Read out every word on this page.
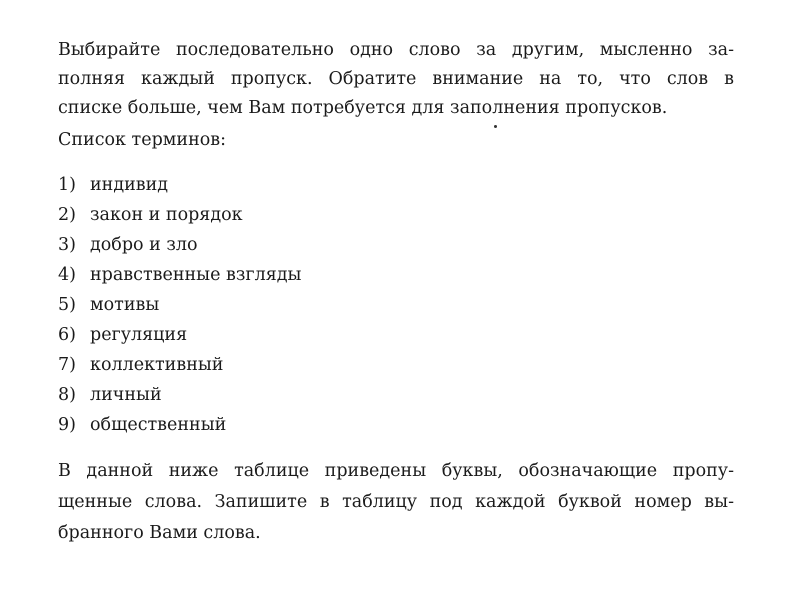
Выбирайте последовательно одно слово за другим, мысленно за-
полняя каждый пропуск. Обратите внимание на то, что слов в
списке больше, чем Вам потребуется для заполнения пропусков.
Список терминов:
1) индивид
2) закон и порядок
3) добро и зло
4) нравственные взгляды
5) мотивы
6) регуляция
7) коллективный
8) личный
9) общественный
В данной ниже таблице приведены буквы, обозначающие пропу-
щенные слова. Запишите в таблицу под каждой буквой номер вы-
бранного Вами слова.
